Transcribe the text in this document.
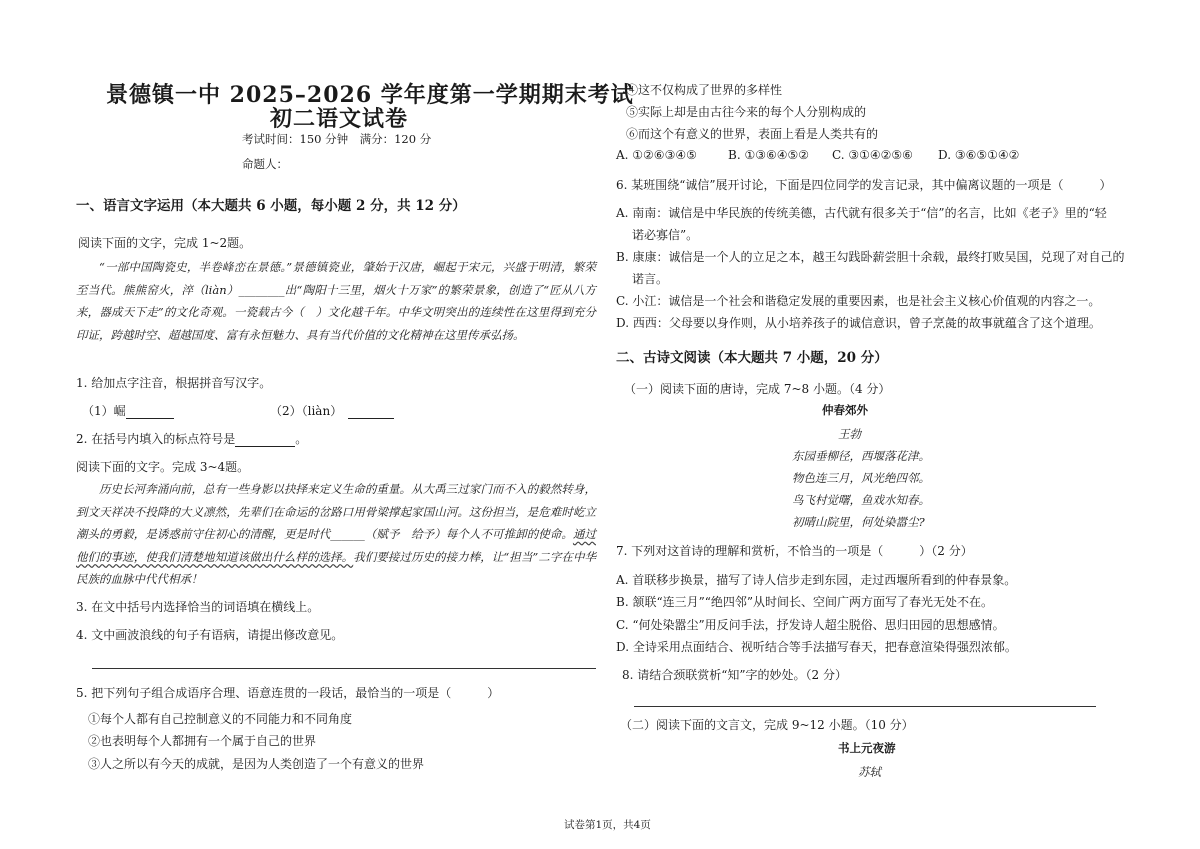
景德镇一中 2025–2026 学年度第一学期期末考试
初二语文试卷
考试时间：150 分钟　满分：120 分
命题人：
一、语言文字运用（本大题共 6 小题，每小题 2 分，共 12 分）
阅读下面的文字，完成 1~2题。
“一部中国陶瓷史，半卷峰峦在景德。”景德镇瓷业，肇始于汉唐，崛起于宋元，兴盛于明清，繁荣至当代。熊熊窑火，淬（liàn）________出“陶阳十三里，烟火十万家”的繁荣景象，创造了“匠从八方来，器成天下走”的文化奇观。一瓷载古今（　）文化越千年。中华文明突出的连续性在这里得到充分印证，跨越时空、超越国度、富有永恒魅力、具有当代价值的文化精神在这里传承弘扬。
1. 给加点字注音，根据拼音写汉字。
（1）崛	（2）（liàn）
2. 在括号内填入的标点符号是	。
阅读下面的文字。完成 3~4题。
历史长河奔涌向前，总有一些身影以抉择来定义生命的重量。从大禹三过家门而不入的毅然转身，到文天祥决不投降的大义凛然，先辈们在命运的岔路口用骨梁撑起家国山河。这份担当，是危难时屹立潮头的勇毅，是诱惑前守住初心的清醒，更是时代______（赋予　给予）每个人不可推卸的使命。通过他们的事迹，使我们清楚地知道该做出什么样的选择。我们要接过历史的接力棒，让“担当”二字在中华民族的血脉中代代相承！
3. 在文中括号内选择恰当的词语填在横线上。
4. 文中画波浪线的句子有语病，请提出修改意见。
5. 把下列句子组合成语序合理、语意连贯的一段话，最恰当的一项是（　　　）
①每个人都有自己控制意义的不同能力和不同角度
②也表明每个人都拥有一个属于自己的世界
③人之所以有今天的成就，是因为人类创造了一个有意义的世界
④这不仅构成了世界的多样性
⑤实际上却是由古往今来的每个人分别构成的
⑥而这个有意义的世界，表面上看是人类共有的
A. ①②⑥③④⑤	B. ①③⑥④⑤② C. ③①④②⑤⑥ D. ③⑥⑤①④②
6. 某班围绕“诚信”展开讨论，下面是四位同学的发言记录，其中偏离议题的一项是（　　　）
A. 南南：诚信是中华民族的传统美德，古代就有很多关于“信”的名言，比如《老子》里的“轻
诺必寡信”。
B. 康康：诚信是一个人的立足之本，越王勾践卧薪尝胆十余载，最终打败吴国，兑现了对自己的
诺言。
C. 小江：诚信是一个社会和谐稳定发展的重要因素，也是社会主义核心价值观的内容之一。
D. 西西：父母要以身作则，从小培养孩子的诚信意识，曾子烹彘的故事就蕴含了这个道理。
二、古诗文阅读（本大题共 7 小题，20 分）
（一）阅读下面的唐诗，完成 7~8 小题。（4 分）
仲春郊外
王勃
东园垂柳径，西堰落花津。
物色连三月，风光绝四邻。
鸟飞村觉曙，鱼戏水知春。
初晴山院里，何处染嚣尘?
7. 下列对这首诗的理解和赏析，不恰当的一项是（　　　）（2 分）
A. 首联移步换景，描写了诗人信步走到东园，走过西堰所看到的仲春景象。
B. 颔联“连三月”“绝四邻”从时间长、空间广两方面写了春光无处不在。
C. “何处染嚣尘”用反问手法，抒发诗人超尘脱俗、思归田园的思想感情。
D. 全诗采用点面结合、视听结合等手法描写春天，把春意渲染得强烈浓郁。
8. 请结合颈联赏析“知”字的妙处。（2 分）
（二）阅读下面的文言文，完成 9~12 小题。（10 分）
书上元夜游
苏轼
试卷第1页，共4页
